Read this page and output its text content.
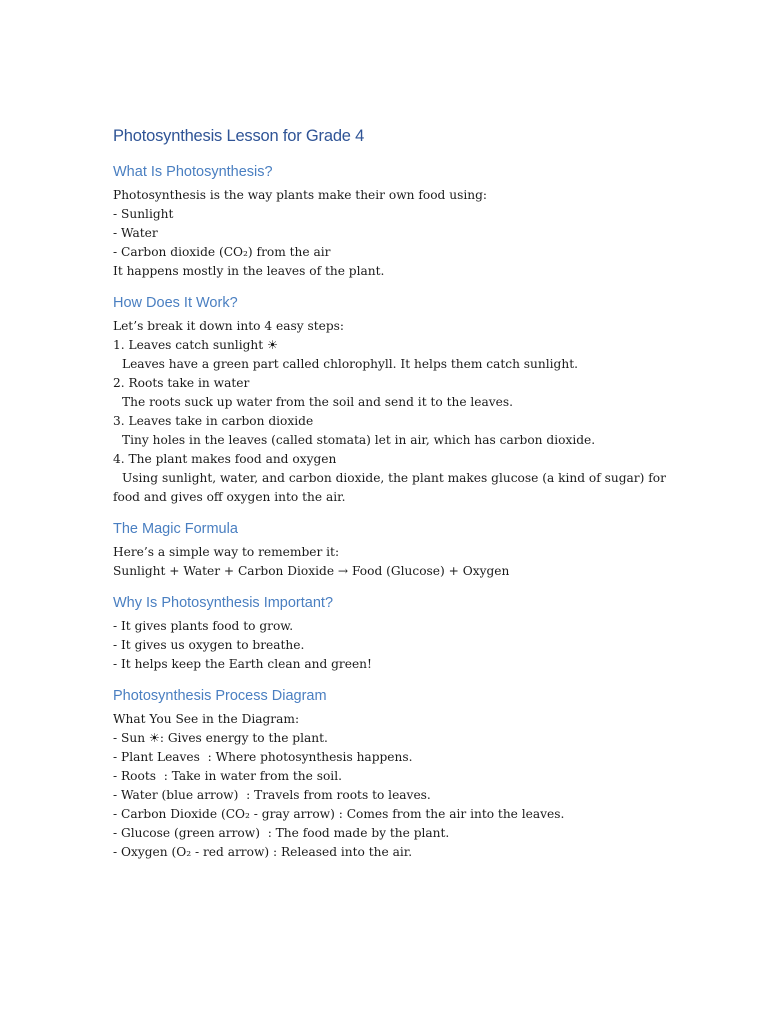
Photosynthesis Lesson for Grade 4
What Is Photosynthesis?

Photosynthesis is the way plants make their own food using:

- Sunlight

- Water

- Carbon dioxide (CO₂) from the air

It happens mostly in the leaves of the plant.

How Does It Work?

Let’s break it down into 4 easy steps:

1. Leaves catch sunlight ☀

Leaves have a green part called chlorophyll. It helps them catch sunlight.

2. Roots take in water

The roots suck up water from the soil and send it to the leaves.

3. Leaves take in carbon dioxide

Tiny holes in the leaves (called stomata) let in air, which has carbon dioxide.

4. The plant makes food and oxygen

Using sunlight, water, and carbon dioxide, the plant makes glucose (a kind of sugar) for

food and gives off oxygen into the air.

The Magic Formula

Here’s a simple way to remember it:

Sunlight + Water + Carbon Dioxide → Food (Glucose) + Oxygen

Why Is Photosynthesis Important?

- It gives plants food to grow.

- It gives us oxygen to breathe.

- It helps keep the Earth clean and green!

Photosynthesis Process Diagram

What You See in the Diagram:

- Sun ☀: Gives energy to the plant.

- Plant Leaves  : Where photosynthesis happens.

- Roots  : Take in water from the soil.

- Water (blue arrow)  : Travels from roots to leaves.

- Carbon Dioxide (CO₂ - gray arrow) : Comes from the air into the leaves.

- Glucose (green arrow)  : The food made by the plant.

- Oxygen (O₂ - red arrow) : Released into the air.
